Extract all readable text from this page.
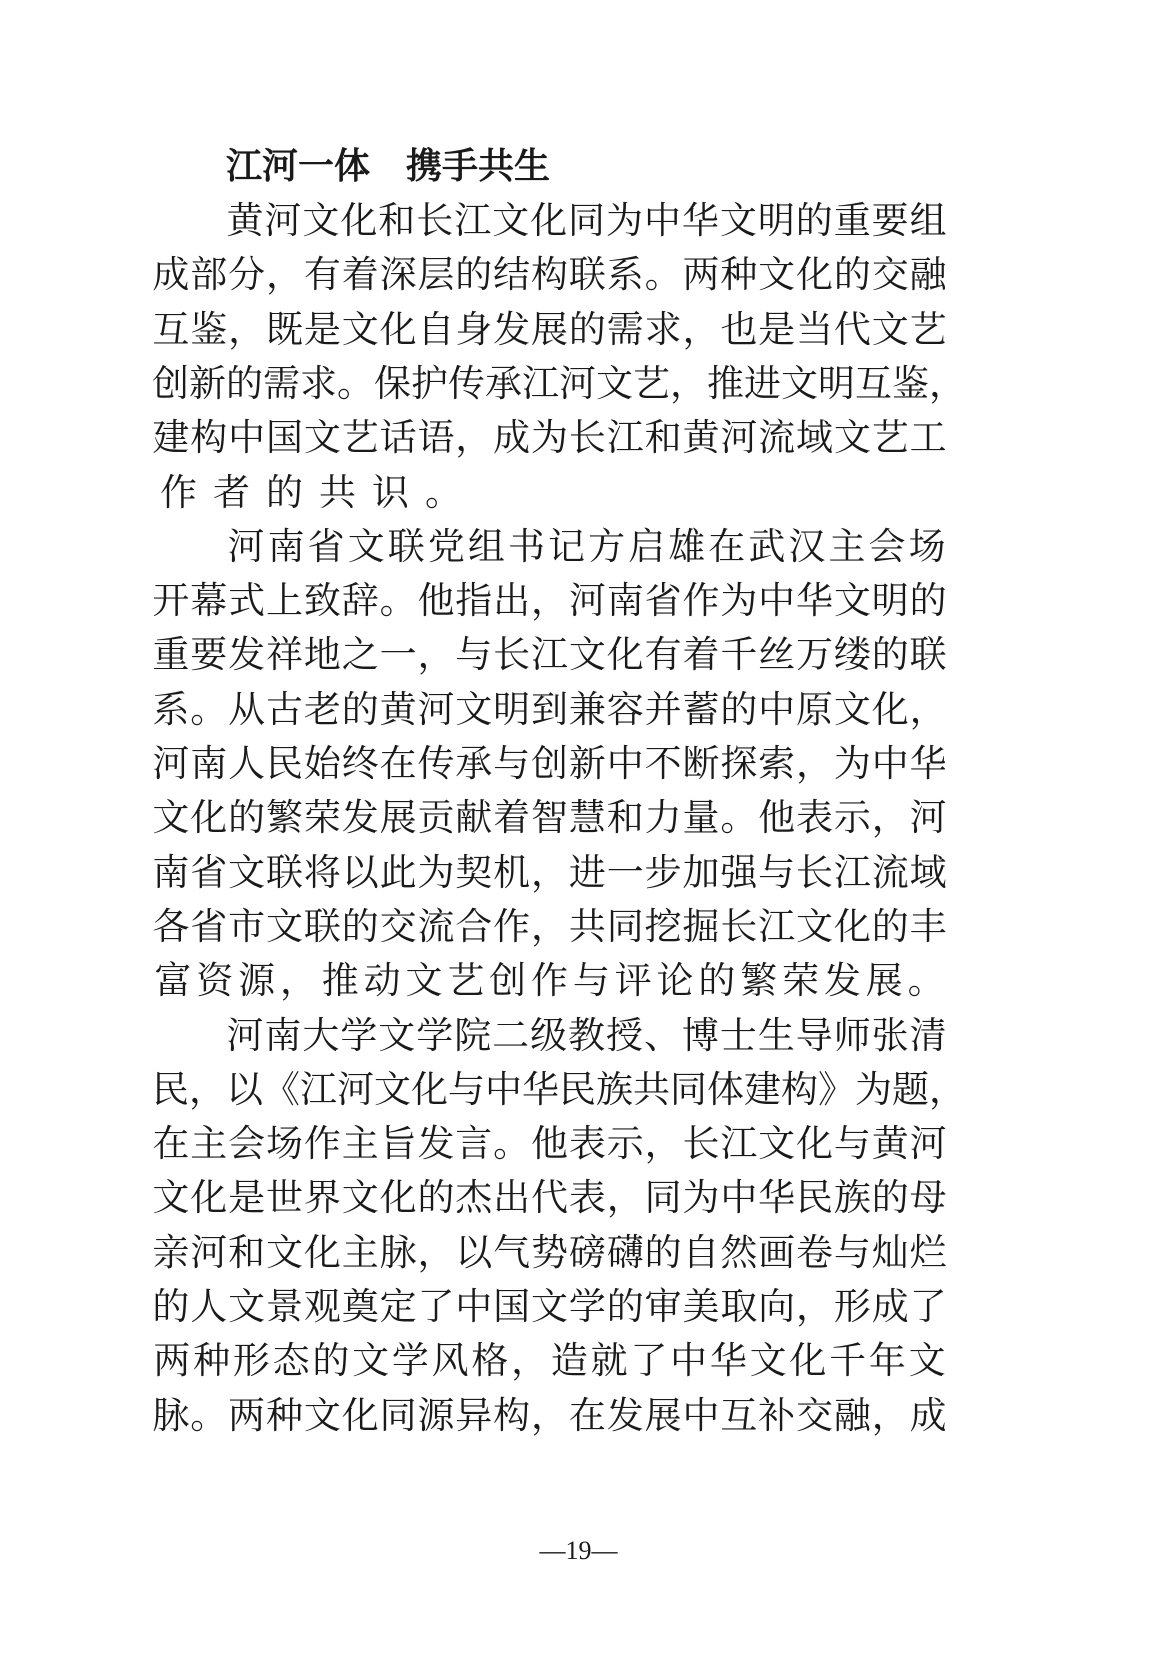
江河一体　携手共生
黄 河 文 化 和 长 江 文 化 同 为 中 华 文 明 的 重 要 组
成 部 分 ， 有 着 深 层 的 结 构 联 系 。 两 种 文 化 的 交 融
互 鉴 ， 既 是 文 化 自 身 发 展 的 需 求 ， 也 是 当 代 文 艺
创 新 的 需 求 。 保 护 传 承 江 河 文 艺 ， 推 进 文 明 互 鉴 ，
建 构 中 国 文 艺 话 语 ， 成 为 长 江 和 黄 河 流 域 文 艺 工
作 者 的 共 识 。
河 南 省 文 联 党 组 书 记 方 启 雄 在 武 汉 主 会 场
开 幕 式 上 致 辞 。 他 指 出 ， 河 南 省 作 为 中 华 文 明 的
重 要 发 祥 地 之 一 ， 与 长 江 文 化 有 着 千 丝 万 缕 的 联
系 。 从 古 老 的 黄 河 文 明 到 兼 容 并 蓄 的 中 原 文 化 ，
河 南 人 民 始 终 在 传 承 与 创 新 中 不 断 探 索 ， 为 中 华
文 化 的 繁 荣 发 展 贡 献 着 智 慧 和 力 量 。 他 表 示 ， 河
南 省 文 联 将 以 此 为 契 机 ， 进 一 步 加 强 与 长 江 流 域
各 省 市 文 联 的 交 流 合 作 ， 共 同 挖 掘 长 江 文 化 的 丰
富 资 源 ， 推 动 文 艺 创 作 与 评 论 的 繁 荣 发 展 。
河 南 大 学 文 学 院 二 级 教 授 、 博 士 生 导 师 张 清
民 ， 以 《 江 河 文 化 与 中 华 民 族 共 同 体 建 构 》 为 题 ，
在 主 会 场 作 主 旨 发 言 。 他 表 示 ， 长 江 文 化 与 黄 河
文 化 是 世 界 文 化 的 杰 出 代 表 ， 同 为 中 华 民 族 的 母
亲 河 和 文 化 主 脉 ， 以 气 势 磅 礴 的 自 然 画 卷 与 灿 烂
的 人 文 景 观 奠 定 了 中 国 文 学 的 审 美 取 向 ， 形 成 了
两 种 形 态 的 文 学 风 格 ， 造 就 了 中 华 文 化 千 年 文
脉 。 两 种 文 化 同 源 异 构 ， 在 发 展 中 互 补 交 融 ， 成
—19—
